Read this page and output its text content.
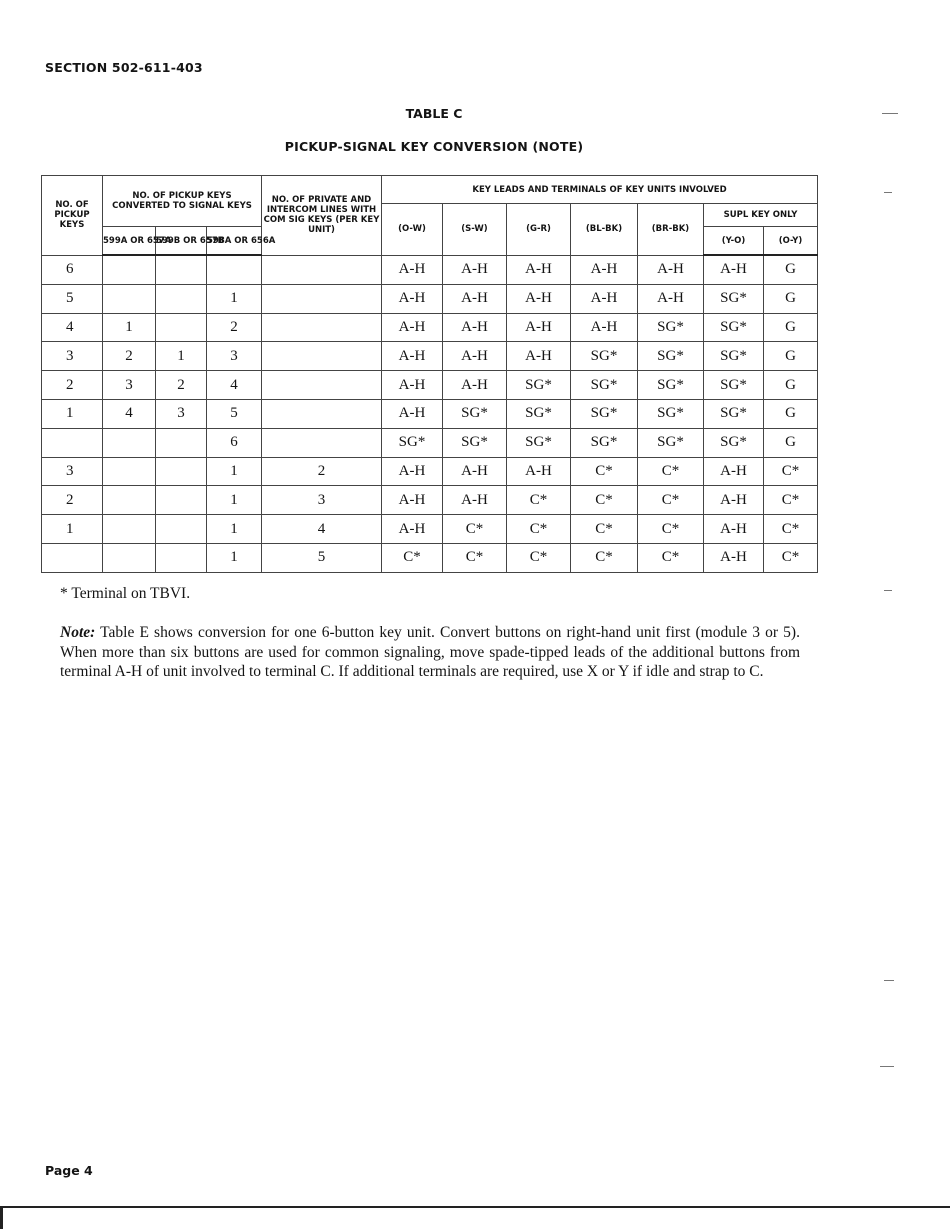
SECTION 502-611-403
TABLE C
PICKUP-SIGNAL KEY CONVERSION (NOTE)
NO. OF PICKUP KEYS	NO. OF PICKUP KEYS CONVERTED TO SIGNAL KEYS			NO. OF PRIVATE AND INTERCOM LINES WITH COM SIG KEYS (PER KEY UNIT)	KEY LEADS AND TERMINALS OF KEY UNITS INVOLVED						
					(O-W)	(S-W)	(G-R)	(BL-BK)	(BR-BK)	SUPL KEY ONLY	
	599A OR 657A	599B OR 657B	598A OR 656A							(Y-O)	(O-Y)
6					A-H	A-H	A-H	A-H	A-H	A-H	G
5			1		A-H	A-H	A-H	A-H	A-H	SG*	G
4	1		2		A-H	A-H	A-H	A-H	SG*	SG*	G
3	2	1	3		A-H	A-H	A-H	SG*	SG*	SG*	G
2	3	2	4		A-H	A-H	SG*	SG*	SG*	SG*	G
1	4	3	5		A-H	SG*	SG*	SG*	SG*	SG*	G
			6		SG*	SG*	SG*	SG*	SG*	SG*	G
3			1	2	A-H	A-H	A-H	C*	C*	A-H	C*
2			1	3	A-H	A-H	C*	C*	C*	A-H	C*
1			1	4	A-H	C*	C*	C*	C*	A-H	C*
			1	5	C*	C*	C*	C*	C*	A-H	C*
* Terminal on TBVI.
Note: Table E shows conversion for one 6-button key unit. Convert buttons on right-hand unit first (module 3 or 5). When more than six buttons are used for common signaling, move spade-tipped leads of the additional buttons from terminal A-H of unit involved to terminal C. If additional terminals are required, use X or Y if idle and strap to C.
Page 4
